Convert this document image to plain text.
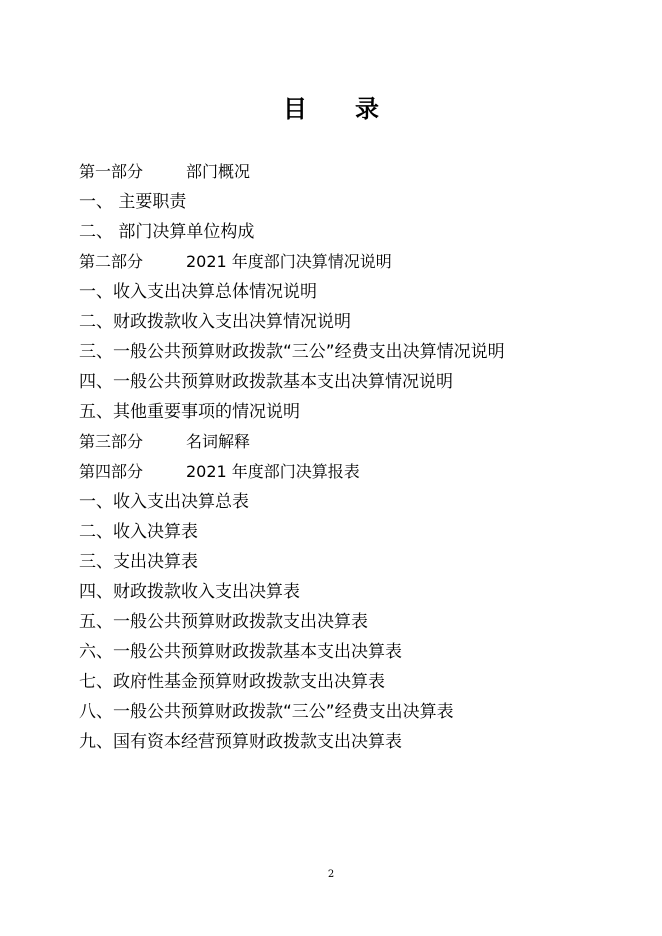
目　　录
第一部分	部门概况
一、 主要职责
二、 部门决算单位构成
第二部分	2021 年度部门决算情况说明
一、收入支出决算总体情况说明
二、财政拨款收入支出决算情况说明
三、一般公共预算财政拨款“三公”经费支出决算情况说明
四、一般公共预算财政拨款基本支出决算情况说明
五、其他重要事项的情况说明
第三部分	名词解释
第四部分	2021 年度部门决算报表
一、收入支出决算总表
二、收入决算表
三、支出决算表
四、财政拨款收入支出决算表
五、一般公共预算财政拨款支出决算表
六、一般公共预算财政拨款基本支出决算表
七、政府性基金预算财政拨款支出决算表
八、一般公共预算财政拨款“三公”经费支出决算表
九、国有资本经营预算财政拨款支出决算表
2
